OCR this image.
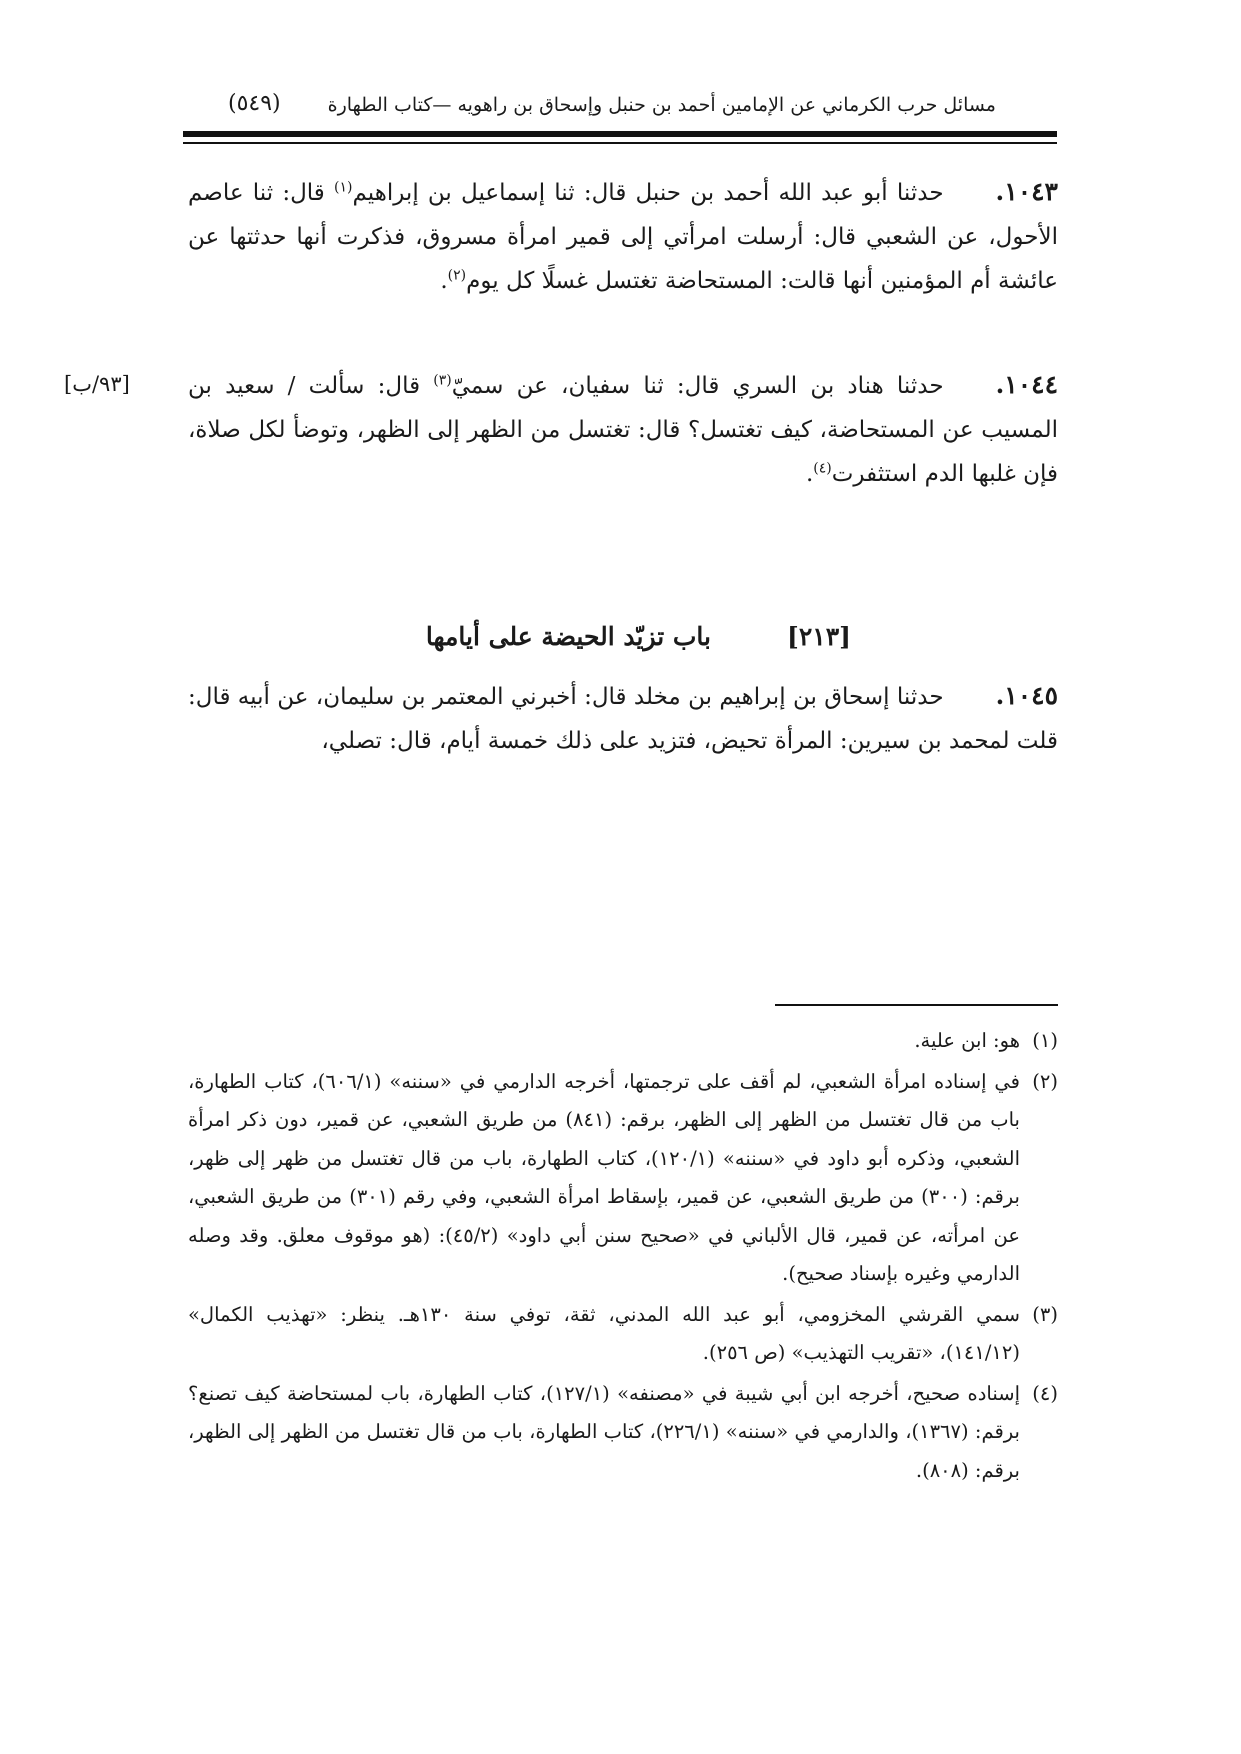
مسائل حرب الكرماني عن الإمامين أحمد بن حنبل وإسحاق بن راهويه —كتاب الطهارة
(٥٤٩)
١٠٤٣.حدثنا أبو عبد الله أحمد بن حنبل قال: ثنا إسماعيل بن إبراهيم$^{(١)}$ قال: ثنا عاصم الأحول، عن الشعبي قال: أرسلت امرأتي إلى قمير امرأة مسروق، فذكرت أنها حدثتها عن عائشة أم المؤمنين أنها قالت: المستحاضة تغتسل غسلًا كل يوم$^{(٢)}$.
[٩٣/ب]	١٠٤٤.حدثنا هناد بن السري قال: ثنا سفيان، عن سميّ$^{(٣)}$ قال: سألت / سعيد بن المسيب عن المستحاضة، كيف تغتسل؟ قال: تغتسل من الظهر إلى الظهر، وتوضأ لكل صلاة، فإن غلبها الدم استثفرت$^{(٤)}$.
[٢١٣]باب تزيّد الحيضة على أيامها
١٠٤٥.حدثنا إسحاق بن إبراهيم بن مخلد قال: أخبرني المعتمر بن سليمان، عن أبيه قال: قلت لمحمد بن سيرين: المرأة تحيض، فتزيد على ذلك خمسة أيام، قال: تصلي،

(١)هو: ابن علية.

(٢)في إسناده امرأة الشعبي، لم أقف على ترجمتها، أخرجه الدارمي في «سننه» (٦٠٦/١)، كتاب الطهارة، باب من قال تغتسل من الظهر إلى الظهر، برقم: (٨٤١) من طريق الشعبي، عن قمير، دون ذكر امرأة الشعبي، وذكره أبو داود في «سننه» (١٢٠/١)، كتاب الطهارة، باب من قال تغتسل من ظهر إلى ظهر، برقم: (٣٠٠) من طريق الشعبي، عن قمير، بإسقاط امرأة الشعبي، وفي رقم (٣٠١) من طريق الشعبي، عن امرأته، عن قمير، قال الألباني في «صحيح سنن أبي داود» (٤٥/٢): (هو موقوف معلق. وقد وصله الدارمي وغيره بإسناد صحيح).

(٣)سمي القرشي المخزومي، أبو عبد الله المدني، ثقة، توفي سنة ١٣٠هـ. ينظر: «تهذيب الكمال» (١٤١/١٢)، «تقريب التهذيب» (ص ٢٥٦).

(٤)إسناده صحيح، أخرجه ابن أبي شيبة في «مصنفه» (١٢٧/١)، كتاب الطهارة، باب لمستحاضة كيف تصنع؟ برقم: (١٣٦٧)، والدارمي في «سننه» (٢٢٦/١)، كتاب الطهارة، باب من قال تغتسل من الظهر إلى الظهر، برقم: (٨٠٨).
